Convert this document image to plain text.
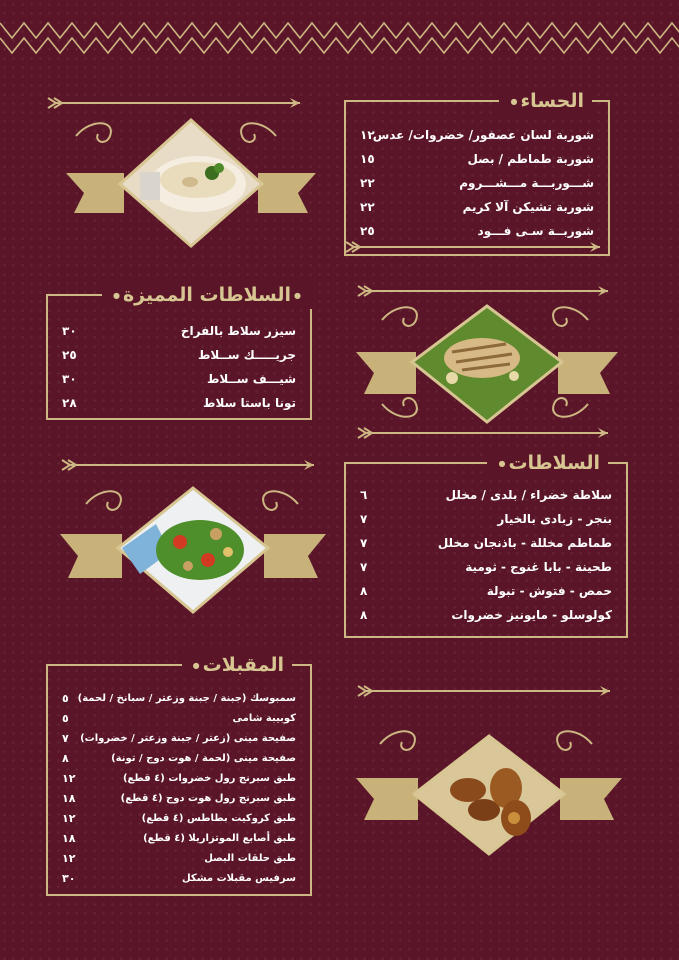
● الحساء
شوربة لسان عصفور/ خضروات/ عدس
١٢
شوربة طماطم / بصل
١٥
شـــوربـــة مـــشـــروم
٢٢
شوربة تشيكن آلا كريم
٢٢
شوربــة سـى فـــود
٢٥
● السلاطات المميزة ●
سيزر سلاط بالفراخ
٣٠
جريـــــك ســلاط
٢٥
شيـــف ســلاط
٣٠
تونا باستا سلاط
٢٨
● السلاطات
سلاطة خضراء / بلدى / مخلل
٦
بنجر - زبادى بالخيار
٧
طماطم مخللة - باذنجان مخلل
٧
طحينة - بابا غنوج - ثومية
٧
حمص - فتوش - تبولة
٨
كولوسلو - مايونيز خضروات
٨
● المقبلات
سمبوسك (جبنة / جبنة وزعتر / سبانخ / لحمة)
٥
كوبيبة شامى
٥
صفيحة مينى (زعتر / جبنة وزعتر / خضروات)
٧
صفيحة مينى (لحمة / هوت دوج / تونة)
٨
طبق سبرنج رول خضروات (٤ قطع)
١٢
طبق سبرنج رول هوت دوج (٤ قطع)
١٨
طبق كروكيت بطاطس (٤ قطع)
١٢
طبق أصابع الموتزاريلا (٤ قطع)
١٨
طبق حلقات البصل
١٢
سرفيس مقبلات مشكل
٣٠
